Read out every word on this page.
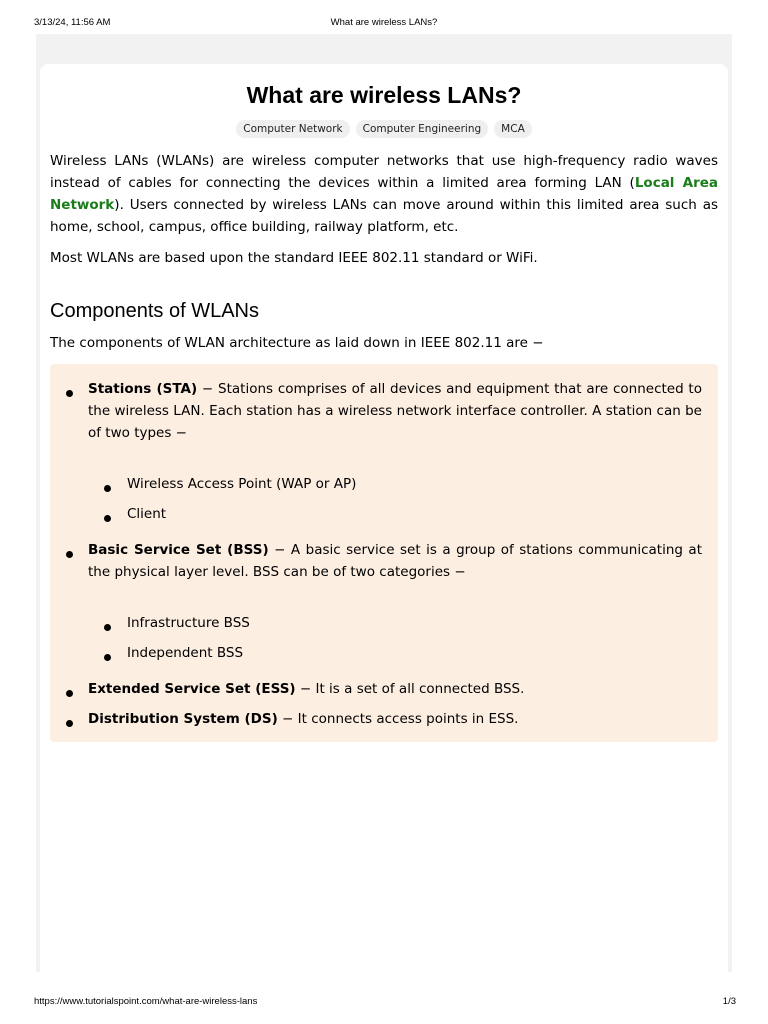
3/13/24, 11:56 AM	What are wireless LANs?
What are wireless LANs?
Computer Network	Computer Engineering	MCA

Wireless LANs (WLANs) are wireless computer networks that use high-frequency radio waves instead of cables for connecting the devices within a limited area forming LAN (Local Area Network). Users connected by wireless LANs can move around within this limited area such as home, school, campus, office building, railway platform, etc.

Most WLANs are based upon the standard IEEE 802.11 standard or WiFi.

Components of WLANs

The components of WLAN architecture as laid down in IEEE 802.11 are −

Stations (STA) − Stations comprises of all devices and equipment that are connected to the wireless LAN. Each station has a wireless network interface controller. A station can be of two types −
Wireless Access Point (WAP or AP)
Client
Basic Service Set (BSS) − A basic service set is a group of stations communicating at the physical layer level. BSS can be of two categories −
Infrastructure BSS
Independent BSS
Extended Service Set (ESS) − It is a set of all connected BSS.
Distribution System (DS) − It connects access points in ESS.
https://www.tutorialspoint.com/what-are-wireless-lans	1/3
